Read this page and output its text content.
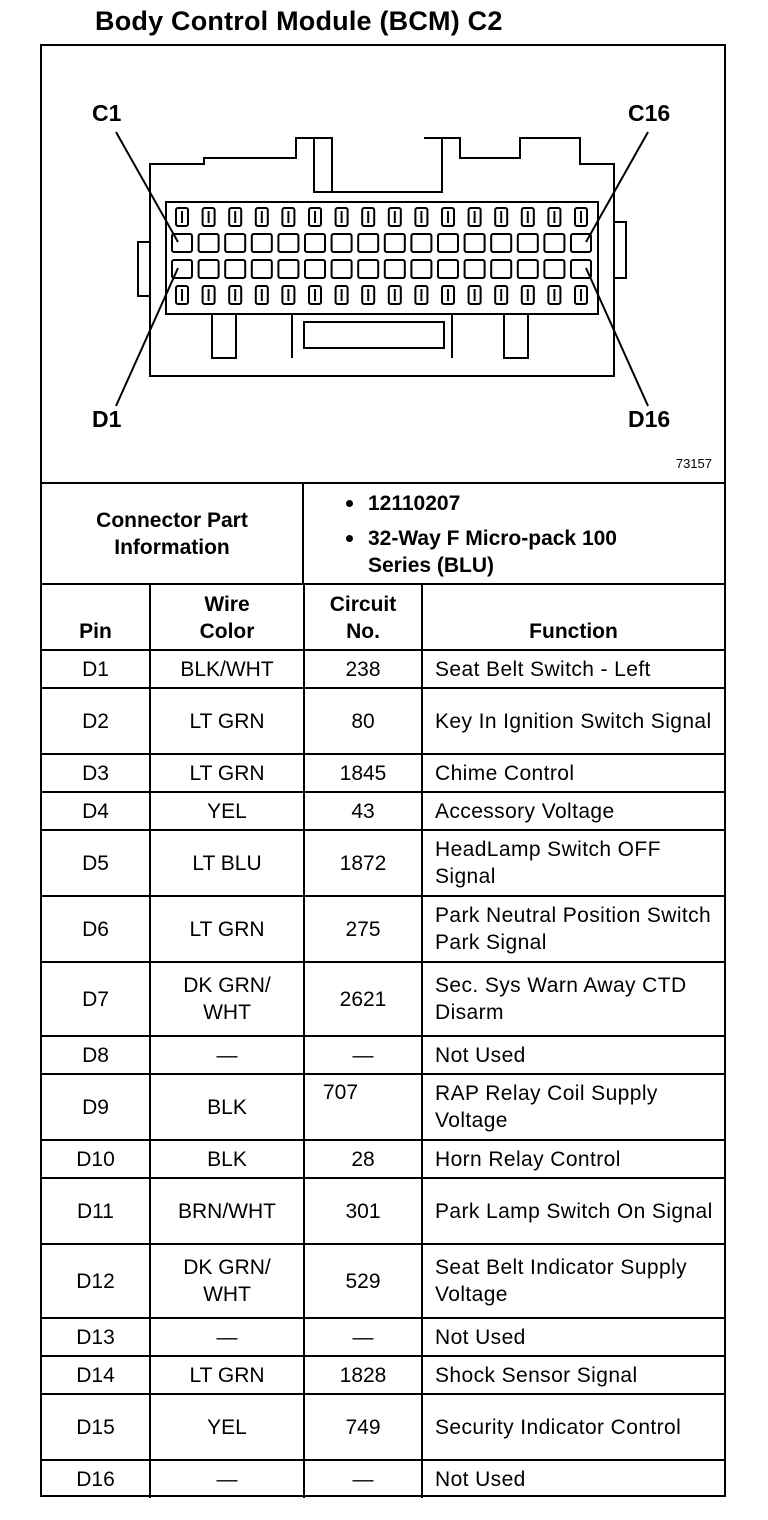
Body Control Module (BCM) C2
C1	C16
D1	D16
73157
Connector Part Information
12110207
32-Way F Micro-pack 100 Series (BLU)
Pin	Wire Color	Circuit No.	Function
D1	BLK/WHT	238	Seat Belt Switch - Left
D2	LT GRN	80	Key In Ignition Switch Signal
D3	LT GRN	1845	Chime Control
D4	YEL	43	Accessory Voltage
D5	LT BLU	1872	HeadLamp Switch OFF Signal
D6	LT GRN	275	Park Neutral Position Switch Park Signal
D7	DK GRN/ WHT	2621	Sec. Sys Warn Away CTD Disarm
D8	—	—	Not Used
D9	BLK	707	RAP Relay Coil Supply Voltage
D10	BLK	28	Horn Relay Control
D11	BRN/WHT	301	Park Lamp Switch On Signal
D12	DK GRN/ WHT	529	Seat Belt Indicator Supply Voltage
D13	—	—	Not Used
D14	LT GRN	1828	Shock Sensor Signal
D15	YEL	749	Security Indicator Control
D16	—	—	Not Used
